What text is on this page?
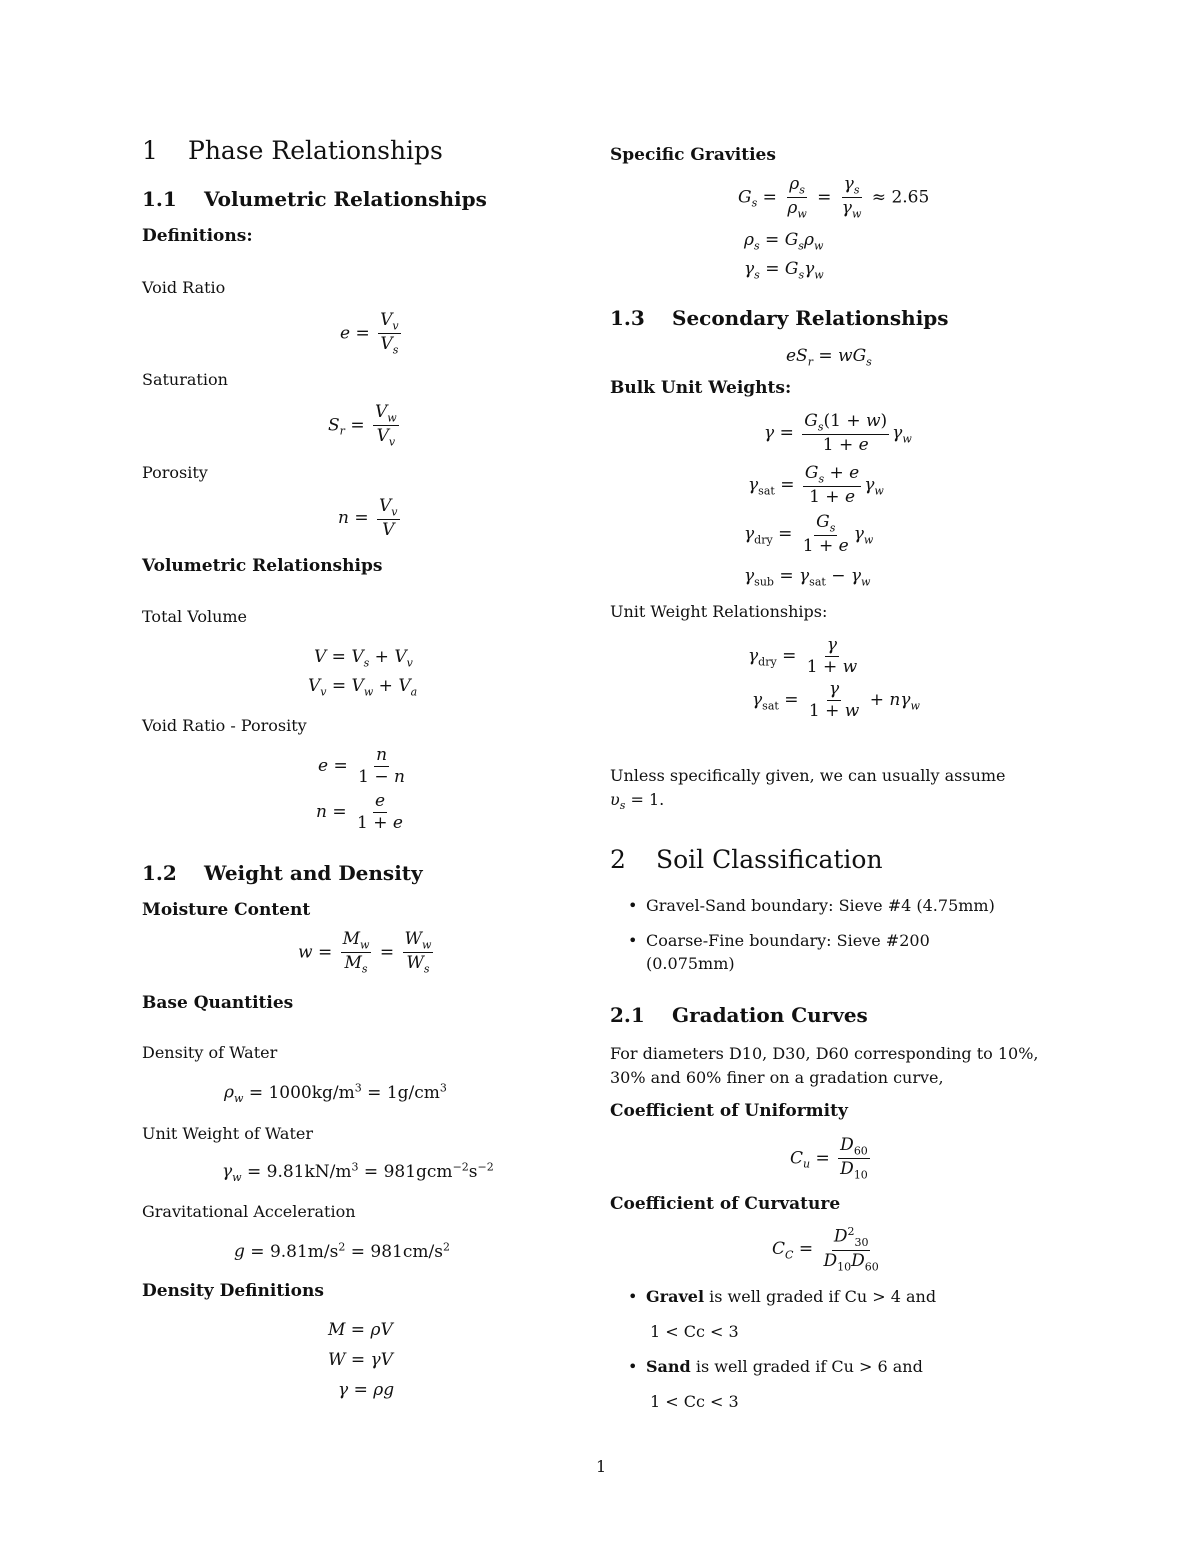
1 Phase Relationships
1.1 Volumetric Relationships
Definitions:
Void Ratio
$e = \frac{V_v}{V_s}$
Saturation
$S_r = \frac{V_w}{V_v}$
Porosity
$n = \frac{V_v}{V}$
Volumetric Relationships
Total Volume
$V = V_s + V_v$
$V_v = V_w + V_a$
Void Ratio - Porosity
$e = \frac{n}{1 - n}$
$n = \frac{e}{1 + e}$
1.2 Weight and Density
Moisture Content
$w = \frac{M_w}{M_s} = \frac{W_w}{W_s}$
Base Quantities
Density of Water
$\rho_w = 1000kg/m^3 = 1g/cm^3$
Unit Weight of Water
$\gamma_w = 9.81kN/m^3 = 981gcm^{-2}s^{-2}$
Gravitational Acceleration
$g = 9.81m/s^2 = 981cm/s^2$
Density Definitions
M = ρV
W = γV
γ = ρg
Specific Gravities
$G_s = \frac{\rho_s}{\rho_w} = \frac{\gamma_s}{\gamma_w} \approx 2.65$
$\rho_s = G_s\rho_w$
$\gamma_s = G_s\gamma_w$
1.3 Secondary Relationships
$eS_r = wG_s$
Bulk Unit Weights:
$\gamma = \frac{G_s(1 + w)}{1 + e} \gamma_w$
$\gamma_{sat} = \frac{G_s + e}{1 + e} \gamma_w$
$\gamma_{dry} = \frac{G_s}{1 + e} \gamma_w$
$\gamma_{sub} = \gamma_{sat} - \gamma_w$
Unit Weight Relationships:
$\gamma_{dry} = \frac{\gamma}{1 + w}$
$\gamma_{sat} = \frac{\gamma}{1 + w} + n\gamma_w$
Unless specifically given, we can usually assume
$\upsilon_s = 1$.
2 Soil Classification
• Gravel-Sand boundary: Sieve #4 (4.75mm)
• Coarse-Fine boundary: Sieve #200
(0.075mm)
2.1 Gradation Curves
For diameters D10, D30, D60 corresponding to 10%,
30% and 60% finer on a gradation curve,
Coefficient of Uniformity
$C_u = \frac{D_{60}}{D_{10}}$
Coefficient of Curvature
$C_C = \frac{D^2_{30}}{D_{10}D_{60}}$
• Gravel is well graded if Cu > 4 and
1 < Cc < 3
• Sand is well graded if Cu > 6 and
1 < Cc < 3
1
